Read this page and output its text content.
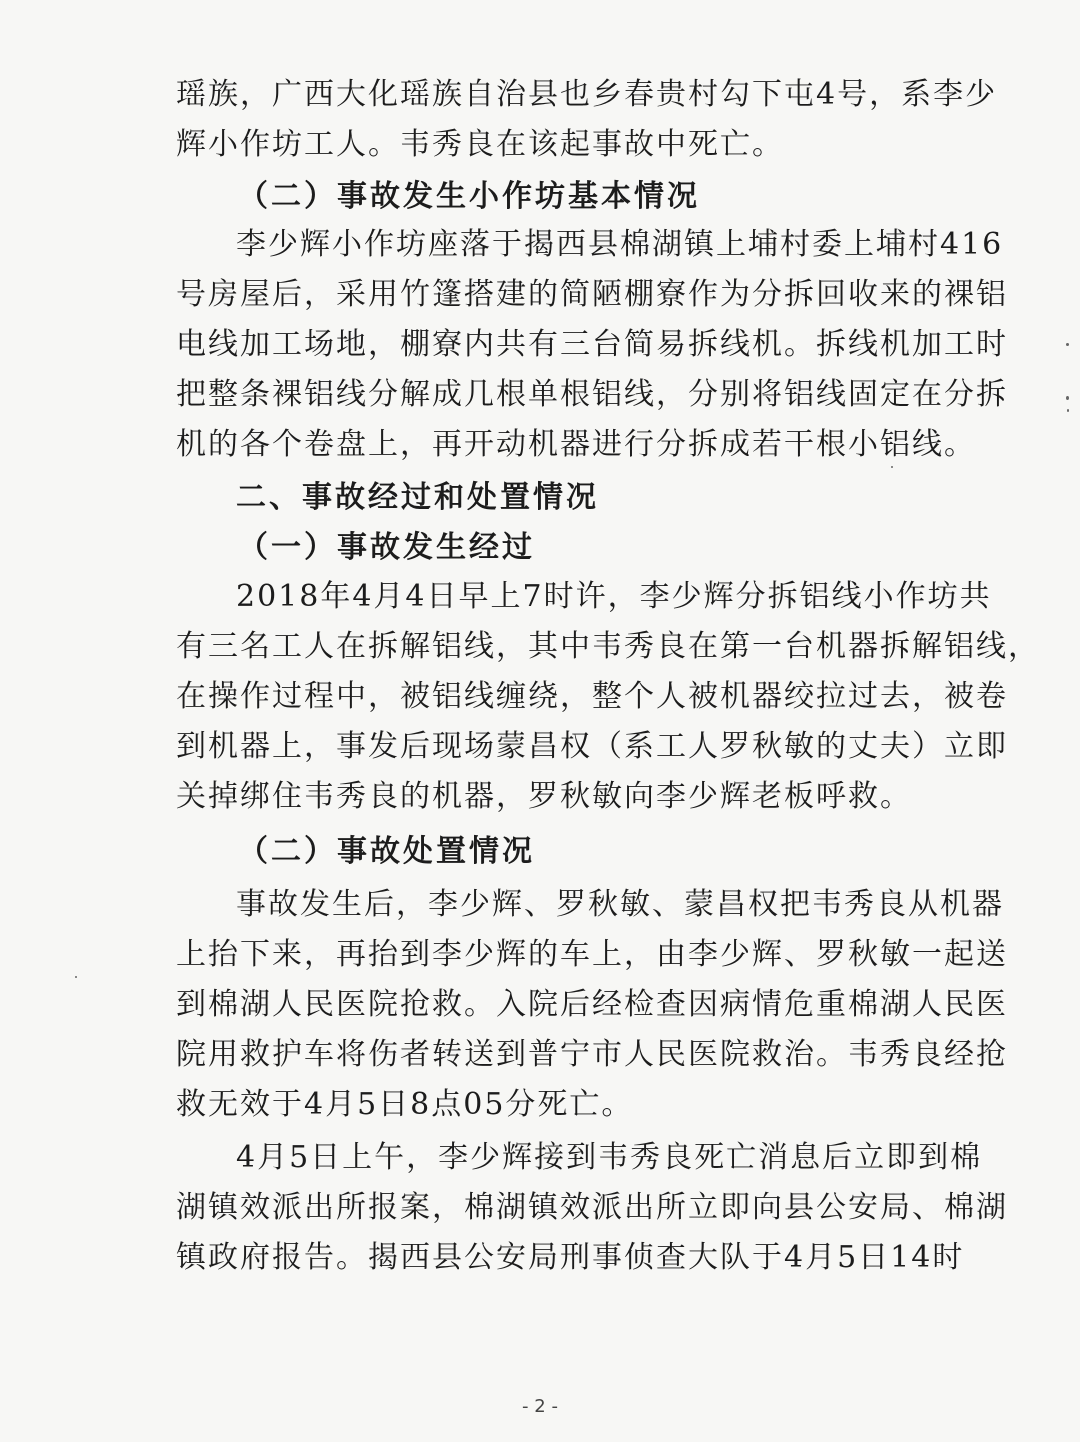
瑶族，广西大化瑶族自治县也乡春贵村勾下屯4号，系李少
辉小作坊工人。韦秀良在该起事故中死亡。
（二）事故发生小作坊基本情况
李少辉小作坊座落于揭西县棉湖镇上埔村委上埔村416
号房屋后，采用竹篷搭建的简陋棚寮作为分拆回收来的裸铝
电线加工场地，棚寮内共有三台简易拆线机。拆线机加工时
把整条裸铝线分解成几根单根铝线，分别将铝线固定在分拆
机的各个卷盘上，再开动机器进行分拆成若干根小铝线。
二、事故经过和处置情况
（一）事故发生经过
2018年4月4日早上7时许，李少辉分拆铝线小作坊共
有三名工人在拆解铝线，其中韦秀良在第一台机器拆解铝线，
在操作过程中，被铝线缠绕，整个人被机器绞拉过去，被卷
到机器上，事发后现场蒙昌权（系工人罗秋敏的丈夫）立即
关掉绑住韦秀良的机器，罗秋敏向李少辉老板呼救。
（二）事故处置情况
事故发生后，李少辉、罗秋敏、蒙昌权把韦秀良从机器
上抬下来，再抬到李少辉的车上，由李少辉、罗秋敏一起送
到棉湖人民医院抢救。入院后经检查因病情危重棉湖人民医
院用救护车将伤者转送到普宁市人民医院救治。韦秀良经抢
救无效于4月5日8点05分死亡。
4月5日上午，李少辉接到韦秀良死亡消息后立即到棉
湖镇效派出所报案，棉湖镇效派出所立即向县公安局、棉湖
镇政府报告。揭西县公安局刑事侦查大队于4月5日14时
- 2 -
